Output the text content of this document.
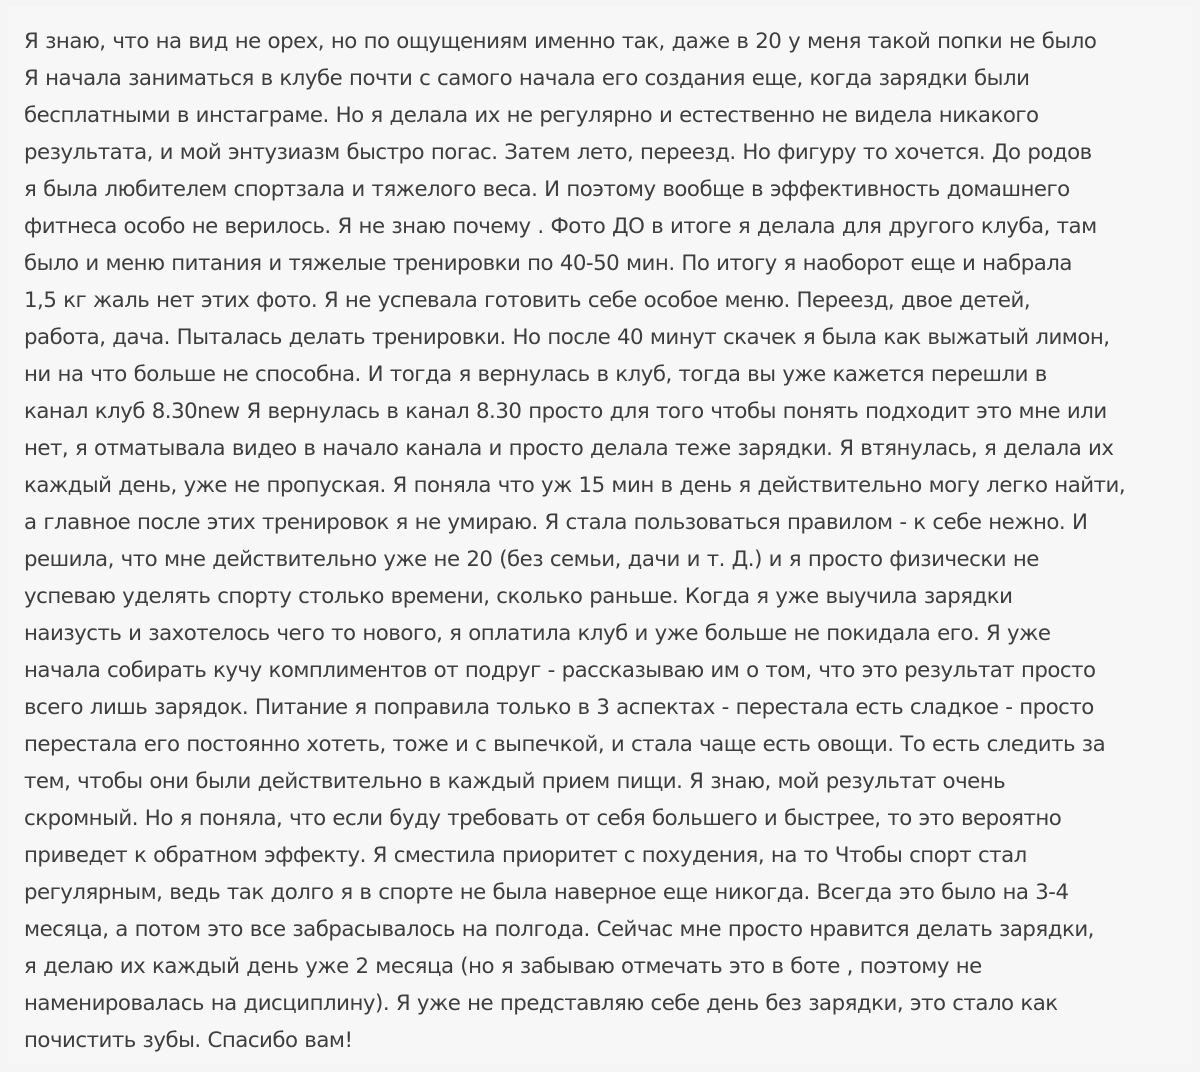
Я знаю, что на вид не орех, но по ощущениям именно так, даже в 20 у меня такой попки не было

Я начала заниматься в клубе почти с самого начала его создания еще, когда зарядки были

бесплатными в инстаграме. Но я делала их не регулярно и естественно не видела никакого

результата, и мой энтузиазм быстро погас. Затем лето, переезд. Но фигуру то хочется. До родов

я была любителем спортзала и тяжелого веса. И поэтому вообще в эффективность домашнего

фитнеса особо не верилось. Я не знаю почему . Фото ДО в итоге я делала для другого клуба, там

было и меню питания и тяжелые тренировки по 40-50 мин. По итогу я наоборот еще и набрала

1,5 кг жаль нет этих фото. Я не успевала готовить себе особое меню. Переезд, двое детей,

работа, дача. Пыталась делать тренировки. Но после 40 минут скачек я была как выжатый лимон,

ни на что больше не способна. И тогда я вернулась в клуб, тогда вы уже кажется перешли в

канал клуб 8.30new Я вернулась в канал 8.30 просто для того чтобы понять подходит это мне или

нет, я отматывала видео в начало канала и просто делала теже зарядки. Я втянулась, я делала их

каждый день, уже не пропуская. Я поняла что уж 15 мин в день я действительно могу легко найти,

а главное после этих тренировок я не умираю. Я стала пользоваться правилом - к себе нежно. И

решила, что мне действительно уже не 20 (без семьи, дачи и т. Д.) и я просто физически не

успеваю уделять спорту столько времени, сколько раньше. Когда я уже выучила зарядки

наизусть и захотелось чего то нового, я оплатила клуб и уже больше не покидала его. Я уже

начала собирать кучу комплиментов от подруг - рассказываю им о том, что это результат просто

всего лишь зарядок. Питание я поправила только в 3 аспектах - перестала есть сладкое - просто

перестала его постоянно хотеть, тоже и с выпечкой, и стала чаще есть овощи. То есть следить за

тем, чтобы они были действительно в каждый прием пищи. Я знаю, мой результат очень

скромный. Но я поняла, что если буду требовать от себя большего и быстрее, то это вероятно

приведет к обратном эффекту. Я сместила приоритет с похудения, на то Чтобы спорт стал

регулярным, ведь так долго я в спорте не была наверное еще никогда. Всегда это было на 3-4

месяца, а потом это все забрасывалось на полгода. Сейчас мне просто нравится делать зарядки,

я делаю их каждый день уже 2 месяца (но я забываю отмечать это в боте , поэтому не

наменировалась на дисциплину). Я уже не представляю себе день без зарядки, это стало как

почистить зубы. Спасибо вам!
